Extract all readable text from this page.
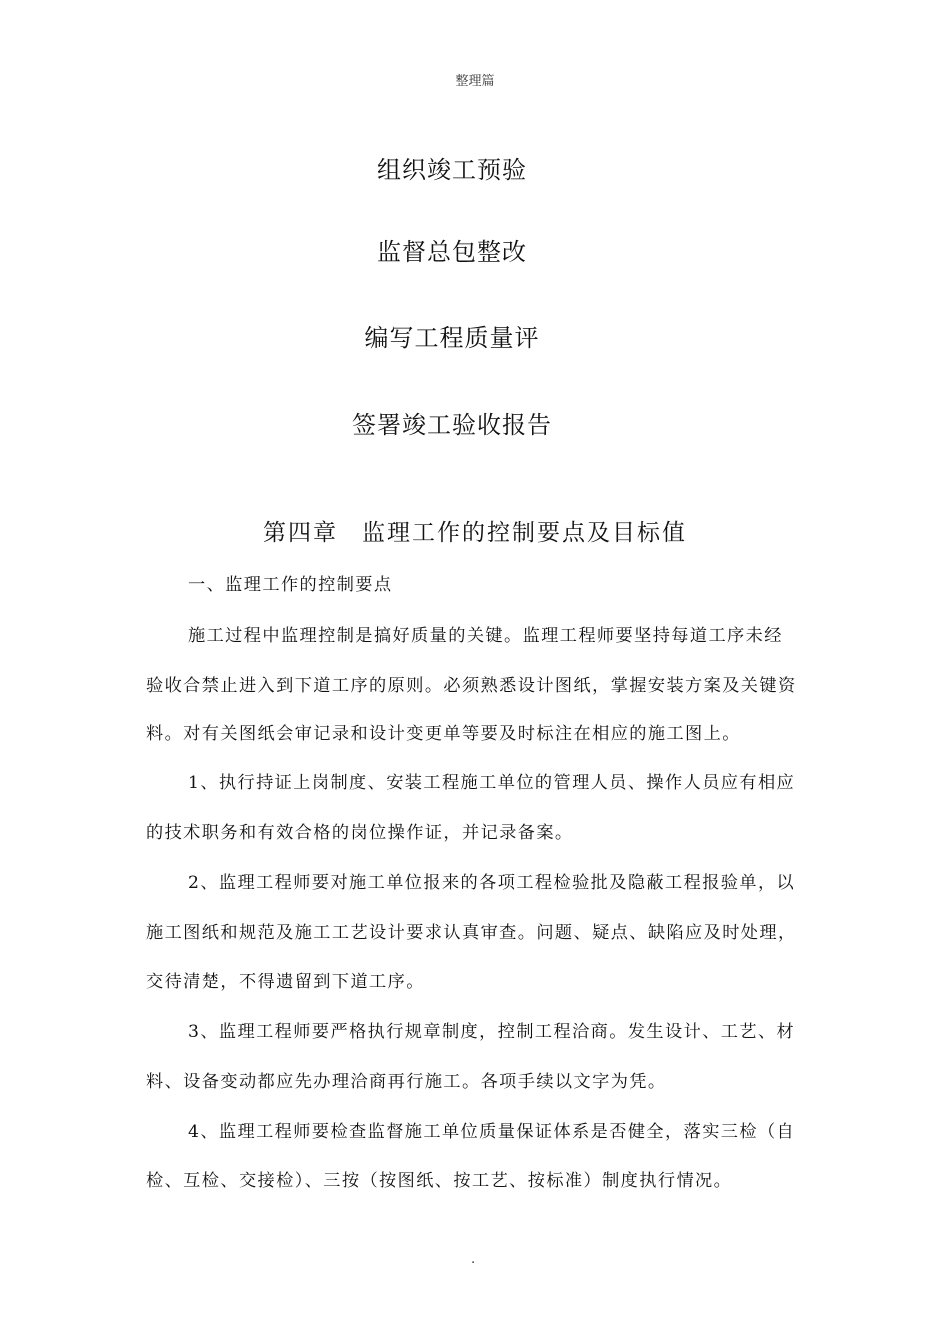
整理篇
组织竣工预验
监督总包整改
编写工程质量评
签署竣工验收报告
第四章 监理工作的控制要点及目标值
一、监理工作的控制要点
施工过程中监理控制是搞好质量的关键。监理工程师要坚持每道工序未经
验收合禁止进入到下道工序的原则。必须熟悉设计图纸，掌握安装方案及关键资
料。对有关图纸会审记录和设计变更单等要及时标注在相应的施工图上。
1、执行持证上岗制度、安装工程施工单位的管理人员、操作人员应有相应
的技术职务和有效合格的岗位操作证，并记录备案。
2、监理工程师要对施工单位报来的各项工程检验批及隐蔽工程报验单，以
施工图纸和规范及施工工艺设计要求认真审查。问题、疑点、缺陷应及时处理，
交待清楚，不得遗留到下道工序。
3、监理工程师要严格执行规章制度，控制工程洽商。发生设计、工艺、材
料、设备变动都应先办理洽商再行施工。各项手续以文字为凭。
4、监理工程师要检查监督施工单位质量保证体系是否健全，落实三检（自
检、互检、交接检）、三按（按图纸、按工艺、按标准）制度执行情况。
.
